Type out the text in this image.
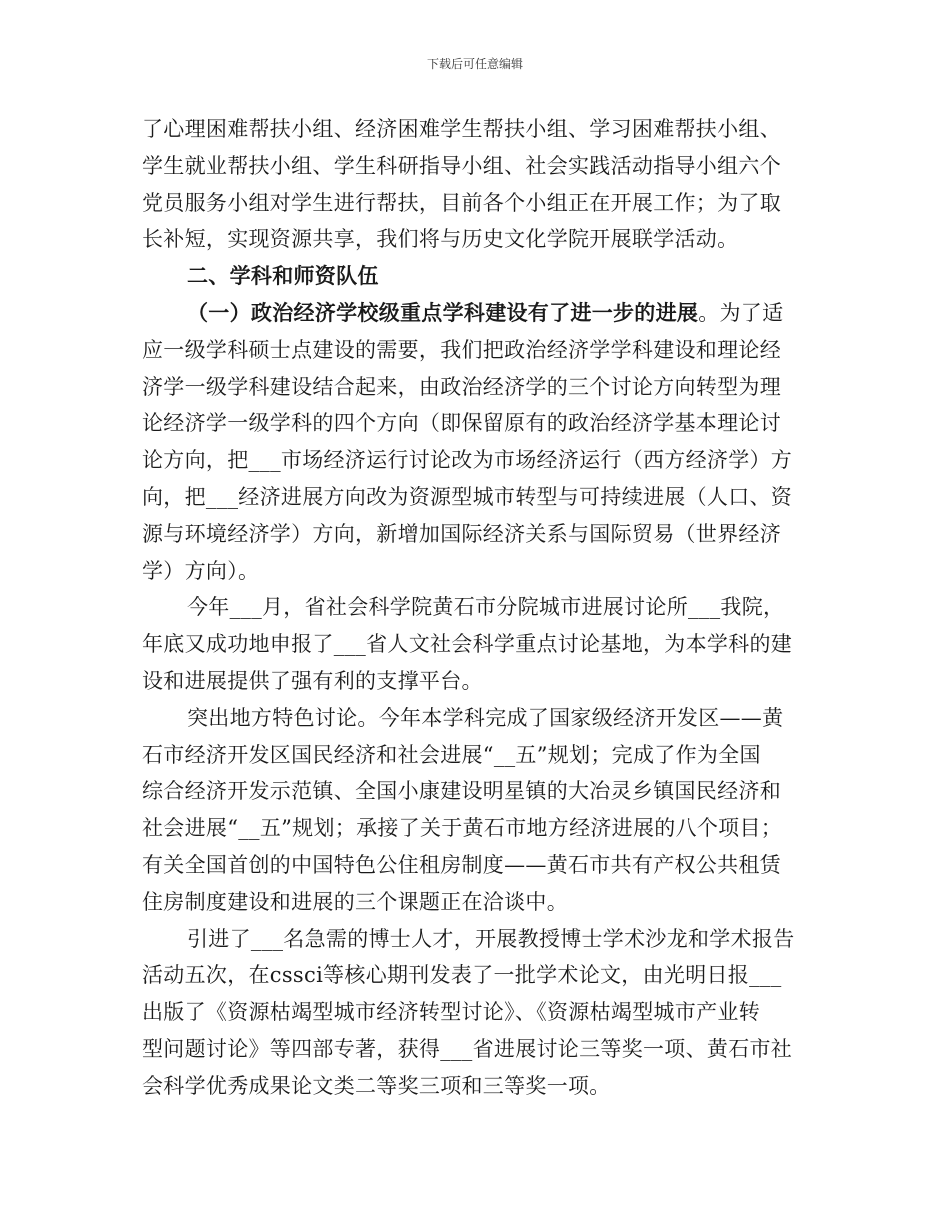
下载后可任意编辑
了心理困难帮扶小组、经济困难学生帮扶小组、学习困难帮扶小组、
学生就业帮扶小组、学生科研指导小组、社会实践活动指导小组六个
党员服务小组对学生进行帮扶，目前各个小组正在开展工作；为了取
长补短，实现资源共享，我们将与历史文化学院开展联学活动。
二、学科和师资队伍
（一）政治经济学校级重点学科建设有了进一步的进展。为了适
应一级学科硕士点建设的需要，我们把政治经济学学科建设和理论经
济学一级学科建设结合起来，由政治经济学的三个讨论方向转型为理
论经济学一级学科的四个方向（即保留原有的政治经济学基本理论讨
论方向，把___市场经济运行讨论改为市场经济运行（西方经济学）方
向，把___经济进展方向改为资源型城市转型与可持续进展（人口、资
源与环境经济学）方向，新增加国际经济关系与国际贸易（世界经济
学）方向）。
今年___月，省社会科学院黄石市分院城市进展讨论所___我院，
年底又成功地申报了___省人文社会科学重点讨论基地，为本学科的建
设和进展提供了强有利的支撑平台。
突出地方特色讨论。今年本学科完成了国家级经济开发区——黄
石市经济开发区国民经济和社会进展“__五”规划；完成了作为全国
综合经济开发示范镇、全国小康建设明星镇的大冶灵乡镇国民经济和
社会进展“__五”规划；承接了关于黄石市地方经济进展的八个项目；
有关全国首创的中国特色公住租房制度——黄石市共有产权公共租赁
住房制度建设和进展的三个课题正在洽谈中。
引进了___名急需的博士人才，开展教授博士学术沙龙和学术报告
活动五次，在cssci等核心期刊发表了一批学术论文，由光明日报___
出版了《资源枯竭型城市经济转型讨论》、《资源枯竭型城市产业转
型问题讨论》等四部专著，获得___省进展讨论三等奖一项、黄石市社
会科学优秀成果论文类二等奖三项和三等奖一项。
